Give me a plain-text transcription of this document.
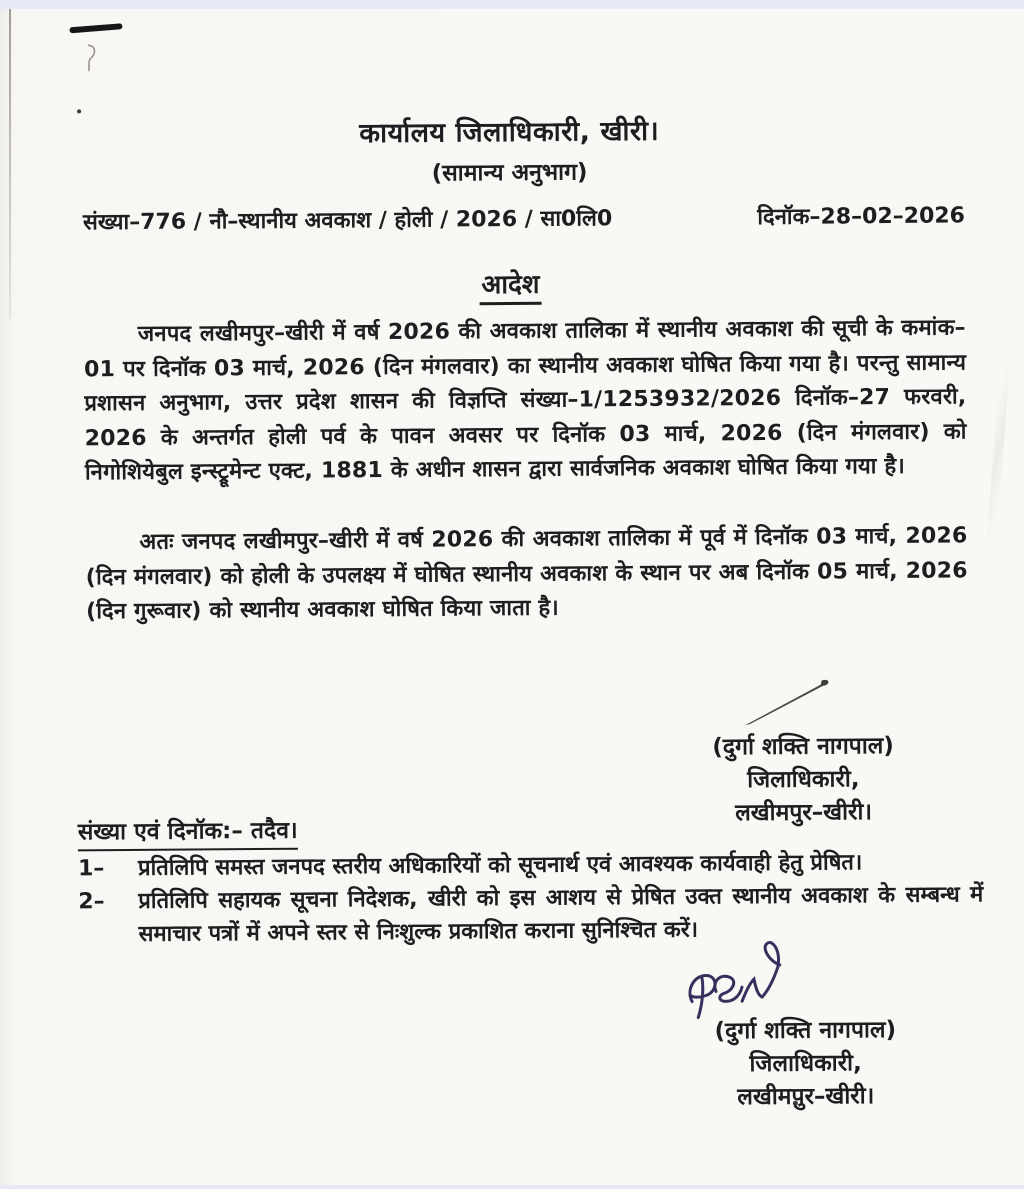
कार्यालय जिलाधिकारी, खीरी।
(सामान्य अनुभाग)
संख्या–776 / नौ–स्थानीय अवकाश / होली / 2026 / सा0लि0	दिनॉक–28–02–2026
आदेश
जनपद लखीमपुर–खीरी में वर्ष 2026 की अवकाश तालिका में स्थानीय अवकाश की सूची के कमांक–01 पर दिनॉक 03 मार्च, 2026 (दिन मंगलवार) का स्थानीय अवकाश घोषित किया गया है। परन्तु सामान्य प्रशासन अनुभाग, उत्तर प्रदेश शासन की विज्ञप्ति संख्या–1/1253932/2026 दिनॉक–27 फरवरी, 2026 के अन्तर्गत होली पर्व के पावन अवसर पर दिनॉक 03 मार्च, 2026 (दिन मंगलवार) को निगोशियेबुल इन्स्ट्रूमेन्ट एक्ट, 1881 के अधीन शासन द्वारा सार्वजनिक अवकाश घोषित किया गया है।
अतः जनपद लखीमपुर–खीरी में वर्ष 2026 की अवकाश तालिका में पूर्व में दिनॉक 03 मार्च, 2026 (दिन मंगलवार) को होली के उपलक्ष्य में घोषित स्थानीय अवकाश के स्थान पर अब दिनॉक 05 मार्च, 2026 (दिन गुरूवार) को स्थानीय अवकाश घोषित किया जाता है।
(दुर्गा शक्ति नागपाल)
जिलाधिकारी,
लखीमपुर–खीरी।
संख्या एवं दिनॉक:– तदैव।
1–	प्रतिलिपि समस्त जनपद स्तरीय अधिकारियों को सूचनार्थ एवं आवश्यक कार्यवाही हेतु प्रेषित।
2–	प्रतिलिपि सहायक सूचना निदेशक, खीरी को इस आशय से प्रेषित उक्त स्थानीय अवकाश के सम्बन्ध में समाचार पत्रों में अपने स्तर से निःशुल्क प्रकाशित कराना सुनिश्चित करें।
(दुर्गा शक्ति नागपाल)
जिलाधिकारी,
लखीमपुर–खीरी।
